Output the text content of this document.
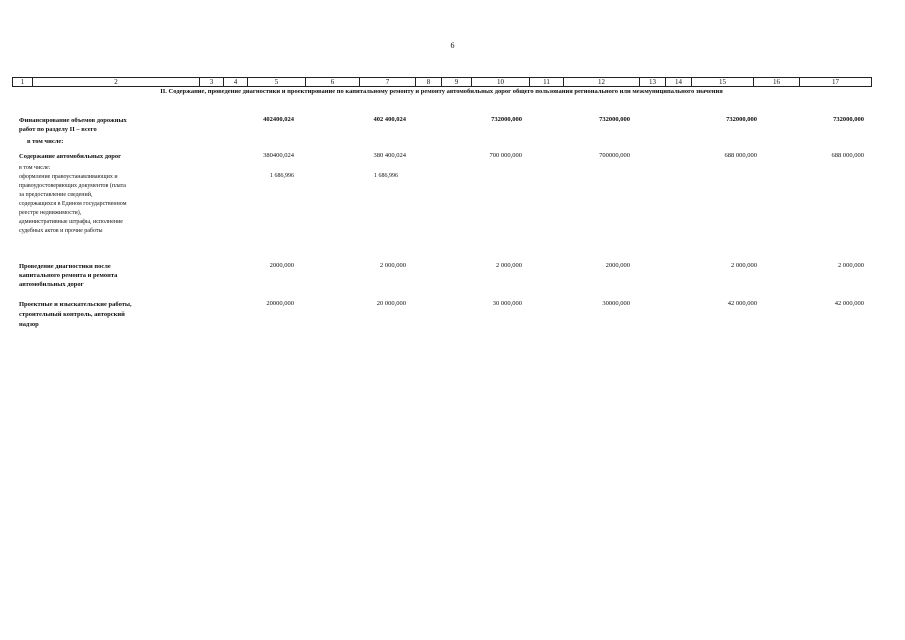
6
1	2	3	4	5	6	7	8	9	10	11	12	13	14	15	16	17
II. Содержание, проведение диагностики и проектирование по капитальному ремонту и ремонту автомобильных дорог общего пользования регионального или межмуниципального значения
Финансирование объемов дорожных
работ по разделу II – всего
в том числе:
402400,024	402 400,024	732000,000	732000,000	732000,000	732000,000
Содержание автомобильных дорог	380400,024	380 400,024	700 000,000	700000,000	688 000,000	688 000,000
в том числе:
оформление правоустанавливающих и
правоудостоверяющих документов (плата
за предоставление сведений,
содержащихся в Едином государственном
реестре недвижимости),
административные штрафы, исполнение
судебных актов и прочие работы
1 686,996	1 686,996
Проведение диагностики после
капитального ремонта и ремонта
автомобильных дорог
2000,000	2 000,000	2 000,000	2000,000	2 000,000	2 000,000
Проектные и изыскательские работы,
строительный контроль, авторский
надзор
20000,000	20 000,000	30 000,000	30000,000	42 000,000	42 000,000
